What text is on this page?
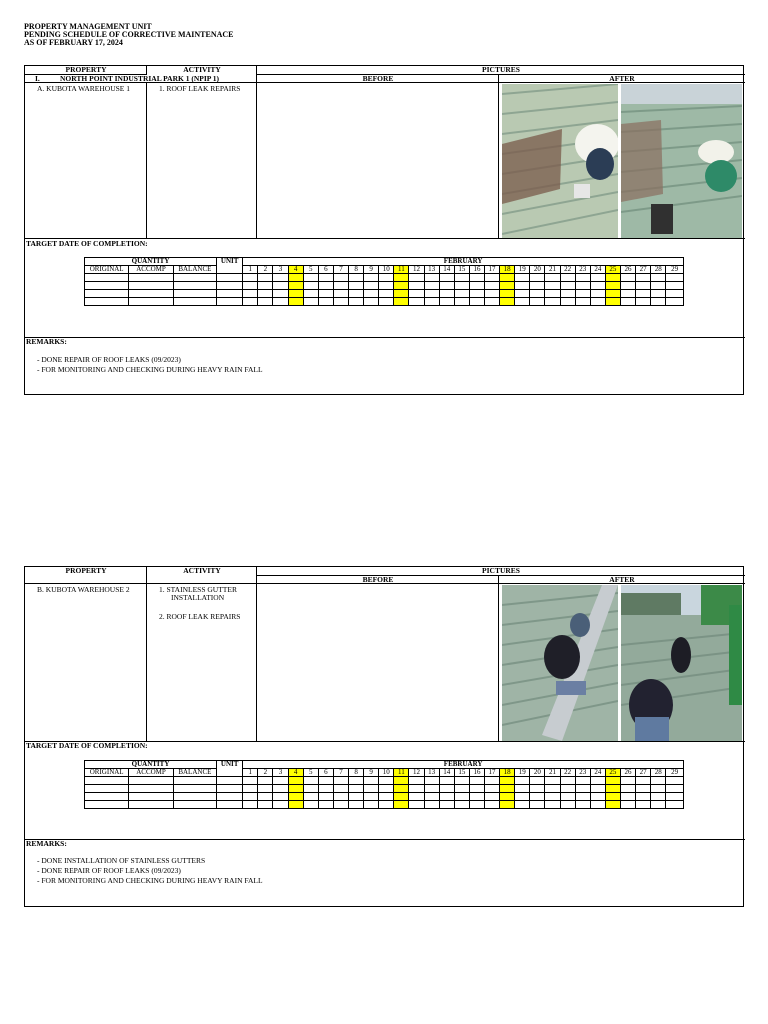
PROPERTY MANAGEMENT UNIT
PENDING SCHEDULE OF CORRECTIVE MAINTENACE
AS OF FEBRUARY 17, 2024
PROPERTY	ACTIVITY	PICTURES
I.	NORTH POINT INDUSTRIAL PARK 1 (NPIP 1)	BEFORE	AFTER
A. KUBOTA WAREHOUSE 1	1. ROOF LEAK REPAIRS
TARGET DATE OF COMPLETION:
QUANTITY			UNIT	FEBRUARY																												
ORIGINAL	ACCOMP	BALANCE		1	2	3	4	5	6	7	8	9	10	11	12	13	14	15	16	17	18	19	20	21	22	23	24	25	26	27	28	29

REMARKS:
- DONE REPAIR OF ROOF LEAKS (09/2023)
- FOR MONITORING AND CHECKING DURING HEAVY RAIN FALL
PROPERTY	ACTIVITY	PICTURES
BEFORE	AFTER
B. KUBOTA WAREHOUSE 2	1. STAINLESS GUTTER
INSTALLATION
2. ROOF LEAK REPAIRS
TARGET DATE OF COMPLETION:
QUANTITY			UNIT	FEBRUARY																												
ORIGINAL	ACCOMP	BALANCE		1	2	3	4	5	6	7	8	9	10	11	12	13	14	15	16	17	18	19	20	21	22	23	24	25	26	27	28	29

REMARKS:
- DONE INSTALLATION OF STAINLESS GUTTERS
- DONE REPAIR OF ROOF LEAKS (09/2023)
- FOR MONITORING AND CHECKING DURING HEAVY RAIN FALL
